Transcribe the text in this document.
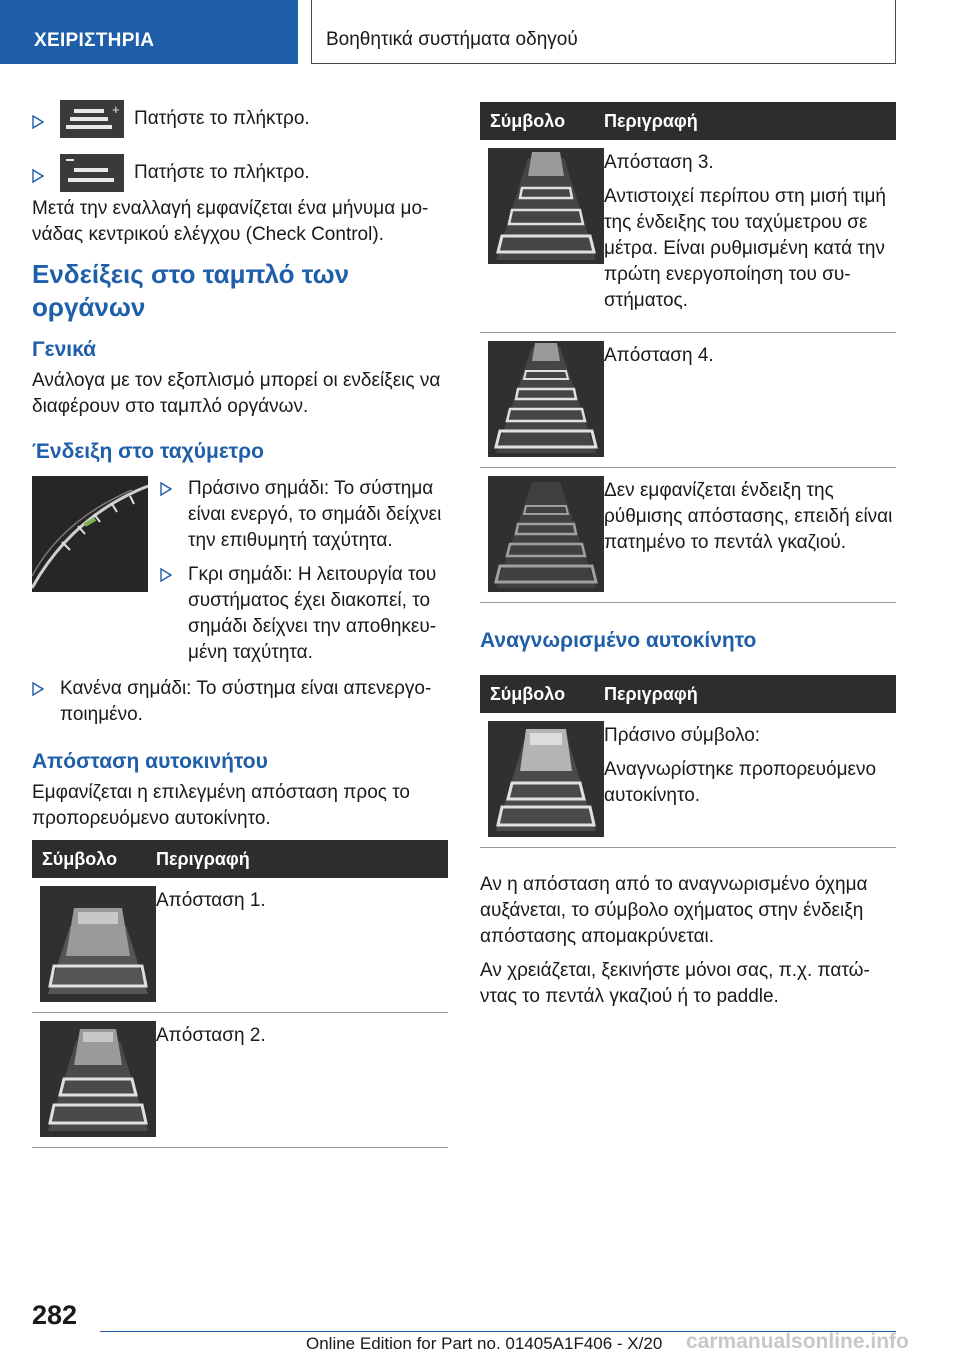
ΧΕΙΡΙΣΤΗΡΙΑ	Βοηθητικά συστήματα οδηγού
+ Πατήστε το πλήκτρο.
Πατήστε το πλήκτρο.
Μετά την εναλλαγή εμφανίζεται ένα μήνυμα μονάδας κεντρικού ελέγχου (Check Control).
Ενδείξεις στο ταμπλό των οργάνων
Γενικά
Ανάλογα με τον εξοπλισμό μπορεί οι ενδείξεις να διαφέρουν στο ταμπλό οργάνων.
Ένδειξη στο ταχύμετρο
Πράσινο σημάδι: Το σύστημα είναι ενεργό, το σημάδι δείχνει την επιθυμητή ταχύτητα.
Γκρι σημάδι: Η λειτουργία του συστήματος έχει διακοπεί, το σημάδι δείχνει την αποθηκευμένη ταχύτητα.
Κανένα σημάδι: Το σύστημα είναι απενεργοποιημένο.
Απόσταση αυτοκινήτου
Εμφανίζεται η επιλεγμένη απόσταση προς το προπορευόμενο αυτοκίνητο.
Σύμβολο	Περιγραφή
Απόσταση 1.
Απόσταση 2.
Σύμβολο	Περιγραφή
Απόσταση 3.
Αντιστοιχεί περίπου στη μισή τιμή της ένδειξης του ταχύμετρου σε μέτρα. Είναι ρυθμισμένη κατά την πρώτη ενεργοποίηση του συστήματος.
Απόσταση 4.
Δεν εμφανίζεται ένδειξη της ρύθμισης απόστασης, επειδή είναι πατημένο το πεντάλ γκαζιού.
Αναγνωρισμένο αυτοκίνητο
Σύμβολο	Περιγραφή
Πράσινο σύμβολο:
Αναγνωρίστηκε προπορευόμενο αυτοκίνητο.
Αν η απόσταση από το αναγνωρισμένο όχημα αυξάνεται, το σύμβολο οχήματος στην ένδειξη απόστασης απομακρύνεται.
Αν χρειάζεται, ξεκινήστε μόνοι σας, π.χ. πατώντας το πεντάλ γκαζιού ή το paddle.
282
Online Edition for Part no. 01405A1F406 - X/20 carmanualsonline.info
